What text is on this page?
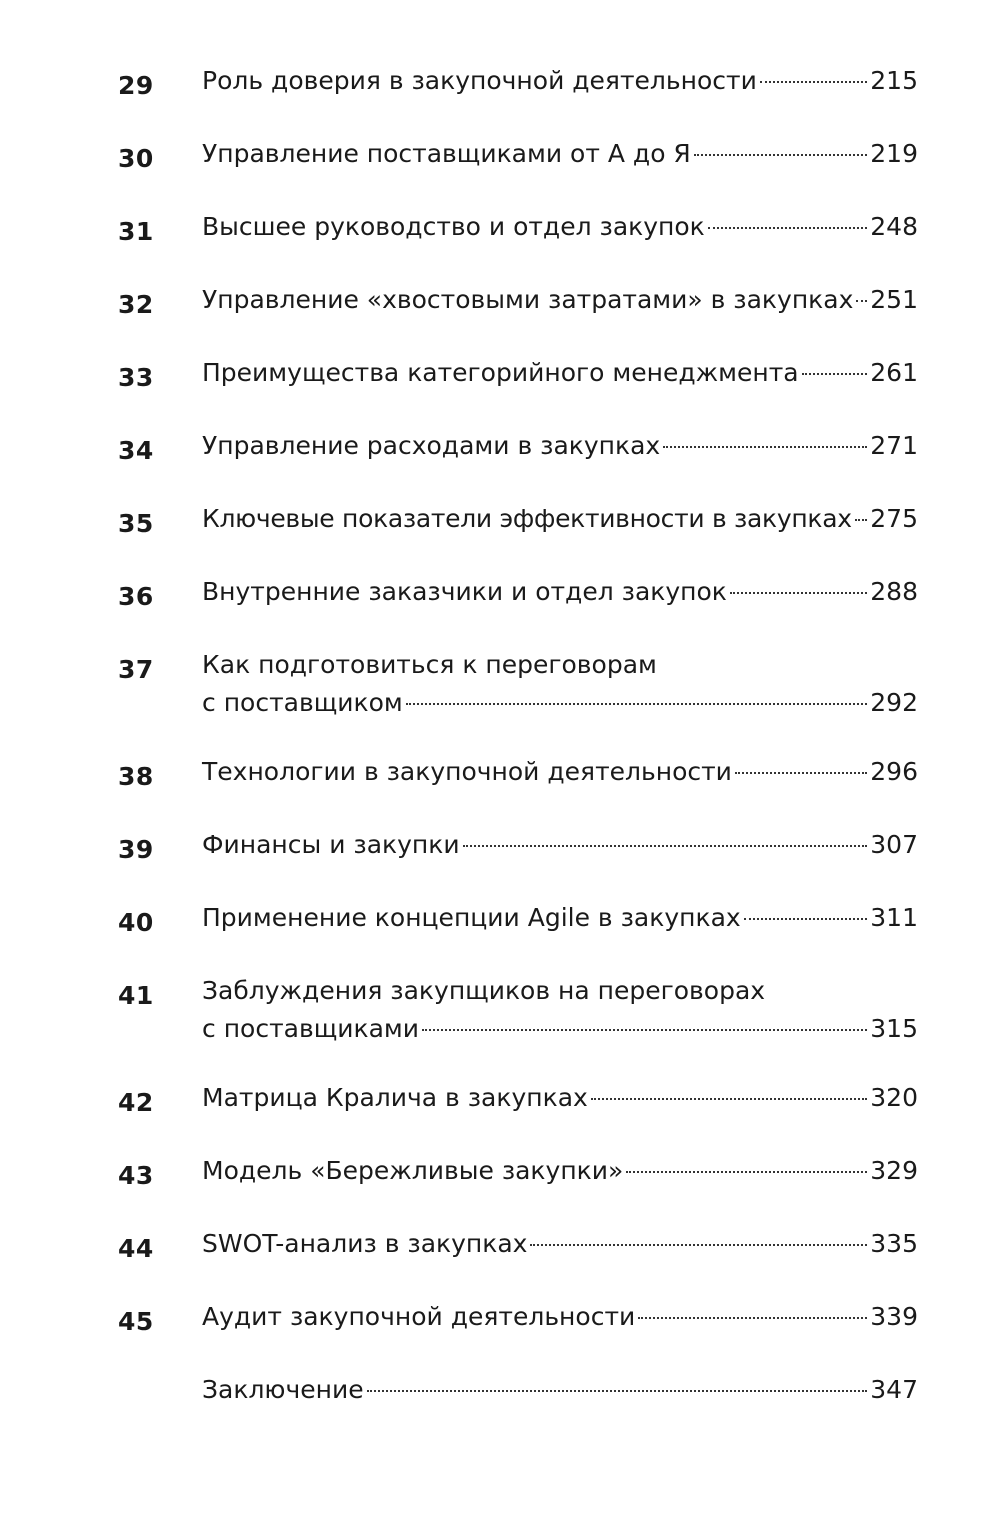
29	Роль доверия в закупочной деятельности	215
30	Управление поставщиками от А до Я	219
31	Высшее руководство и отдел закупок	248
32	Управление «хвостовыми затратами» в закупках 251
33	Преимущества категорийного менеджмента	261
34	Управление расходами в закупках	271
35	Ключевые показатели эффективности в закупках 275
36	Внутренние заказчики и отдел закупок	288
37	Как подготовиться к переговорам
с поставщиком	292
38	Технологии в закупочной деятельности	296
39	Финансы и закупки	307
40	Применение концепции Agile в закупках	311
41	Заблуждения закупщиков на переговорах
с поставщиками	315
42	Матрица Кралича в закупках	320
43	Модель «Бережливые закупки»	329
44	SWOT-анализ в закупках	335
45	Аудит закупочной деятельности	339
Заключение	347
